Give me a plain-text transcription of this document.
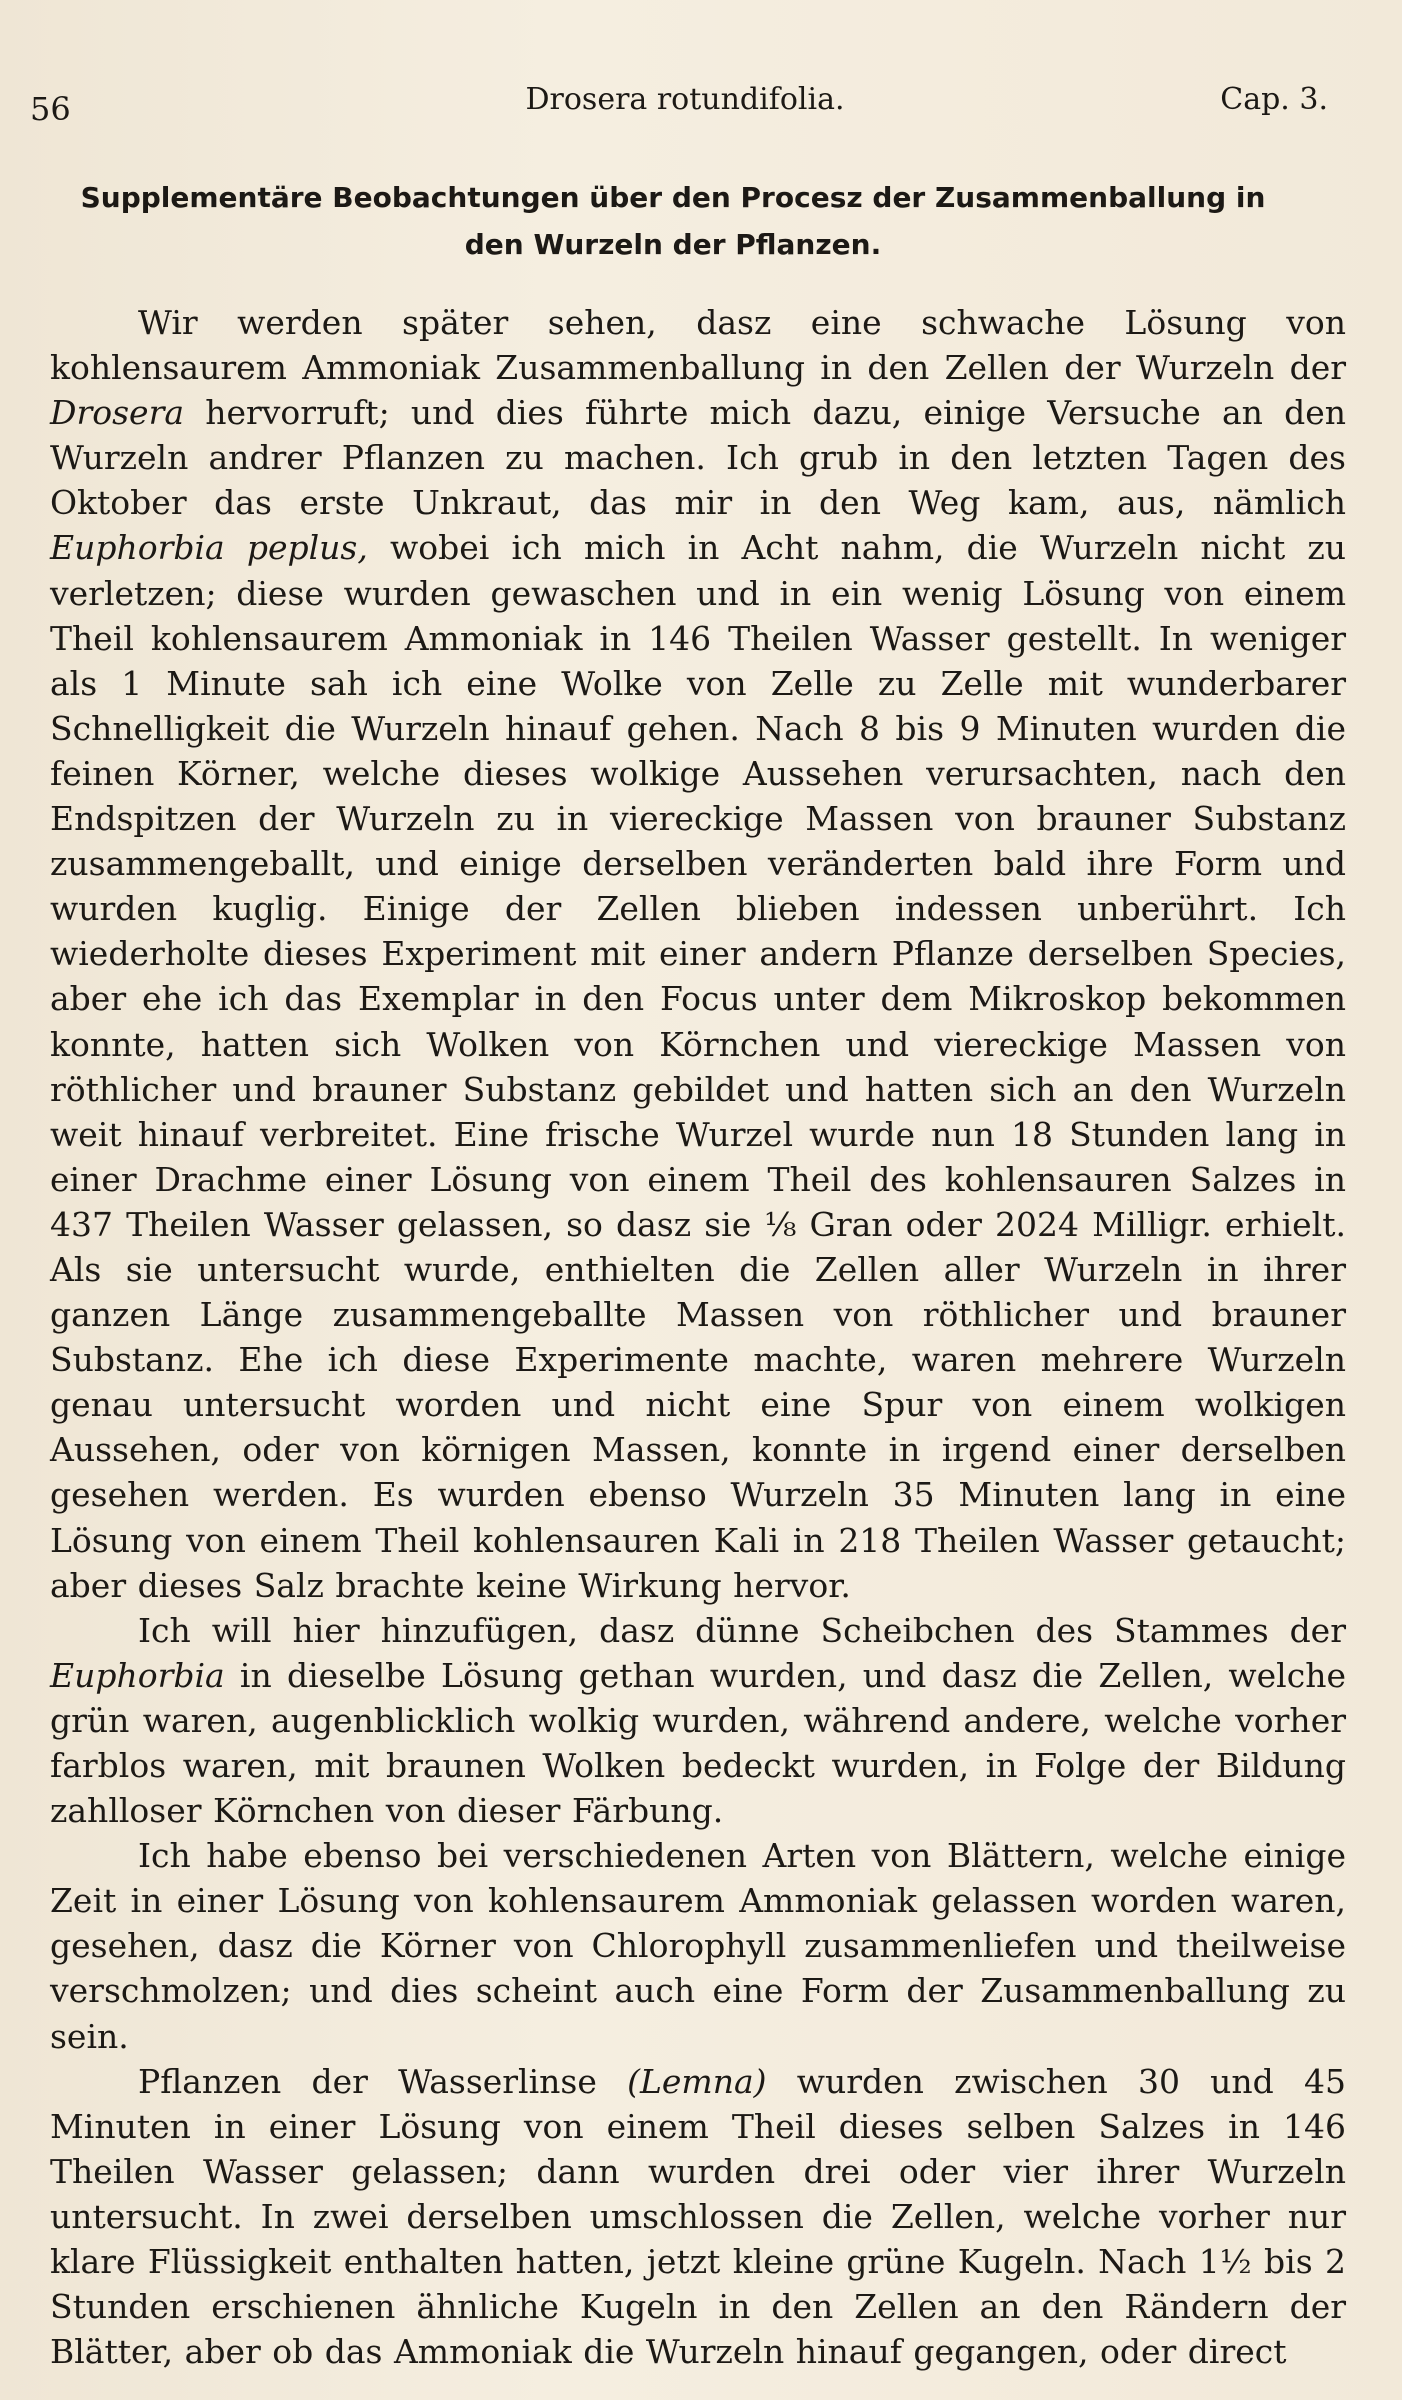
56	Drosera rotundifolia.	Cap. 3.
Supplementäre Beobachtungen über den Procesz der Zusammenballung in den Wurzeln der Pflanzen.

Wir werden später sehen, dasz eine schwache Lösung von kohlensaurem Ammoniak Zusammenballung in den Zellen der Wurzeln der Drosera hervorruft; und dies führte mich dazu, einige Versuche an den Wurzeln andrer Pflanzen zu machen. Ich grub in den letzten Tagen des Oktober das erste Unkraut, das mir in den Weg kam, aus, nämlich Euphorbia peplus, wobei ich mich in Acht nahm, die Wurzeln nicht zu verletzen; diese wurden gewaschen und in ein wenig Lösung von einem Theil kohlensaurem Ammoniak in 146 Theilen Wasser gestellt. In weniger als 1 Minute sah ich eine Wolke von Zelle zu Zelle mit wunderbarer Schnelligkeit die Wurzeln hinauf gehen. Nach 8 bis 9 Minuten wurden die feinen Körner, welche dieses wolkige Aussehen verursachten, nach den Endspitzen der Wurzeln zu in viereckige Massen von brauner Substanz zusammengeballt, und einige derselben veränderten bald ihre Form und wurden kuglig. Einige der Zellen blieben indessen unberührt. Ich wiederholte dieses Experiment mit einer andern Pflanze derselben Species, aber ehe ich das Exemplar in den Focus unter dem Mikroskop bekommen konnte, hatten sich Wolken von Körnchen und viereckige Massen von röthlicher und brauner Substanz gebildet und hatten sich an den Wurzeln weit hinauf verbreitet. Eine frische Wurzel wurde nun 18 Stunden lang in einer Drachme einer Lösung von einem Theil des kohlensauren Salzes in 437 Theilen Wasser gelassen, so dasz sie ⅛ Gran oder 2024 Milligr. erhielt. Als sie untersucht wurde, enthielten die Zellen aller Wurzeln in ihrer ganzen Länge zusammengeballte Massen von röthlicher und brauner Substanz. Ehe ich diese Experimente machte, waren mehrere Wurzeln genau untersucht worden und nicht eine Spur von einem wolkigen Aussehen, oder von körnigen Massen, konnte in irgend einer derselben gesehen werden. Es wurden ebenso Wurzeln 35 Minuten lang in eine Lösung von einem Theil kohlensauren Kali in 218 Theilen Wasser getaucht; aber dieses Salz brachte keine Wirkung hervor.

Ich will hier hinzufügen, dasz dünne Scheibchen des Stammes der Euphorbia in dieselbe Lösung gethan wurden, und dasz die Zellen, welche grün waren, augenblicklich wolkig wurden, während andere, welche vorher farblos waren, mit braunen Wolken bedeckt wurden, in Folge der Bildung zahlloser Körnchen von dieser Färbung.

Ich habe ebenso bei verschiedenen Arten von Blättern, welche einige Zeit in einer Lösung von kohlensaurem Ammoniak gelassen worden waren, gesehen, dasz die Körner von Chlorophyll zusammenliefen und theilweise verschmolzen; und dies scheint auch eine Form der Zusammenballung zu sein.

Pflanzen der Wasserlinse (Lemna) wurden zwischen 30 und 45 Minuten in einer Lösung von einem Theil dieses selben Salzes in 146 Theilen Wasser gelassen; dann wurden drei oder vier ihrer Wurzeln untersucht. In zwei derselben umschlossen die Zellen, welche vorher nur klare Flüssigkeit enthalten hatten, jetzt kleine grüne Kugeln. Nach 1½ bis 2 Stunden erschienen ähnliche Kugeln in den Zellen an den Rändern der Blätter, aber ob das Ammoniak die Wurzeln hinauf gegangen, oder direct
